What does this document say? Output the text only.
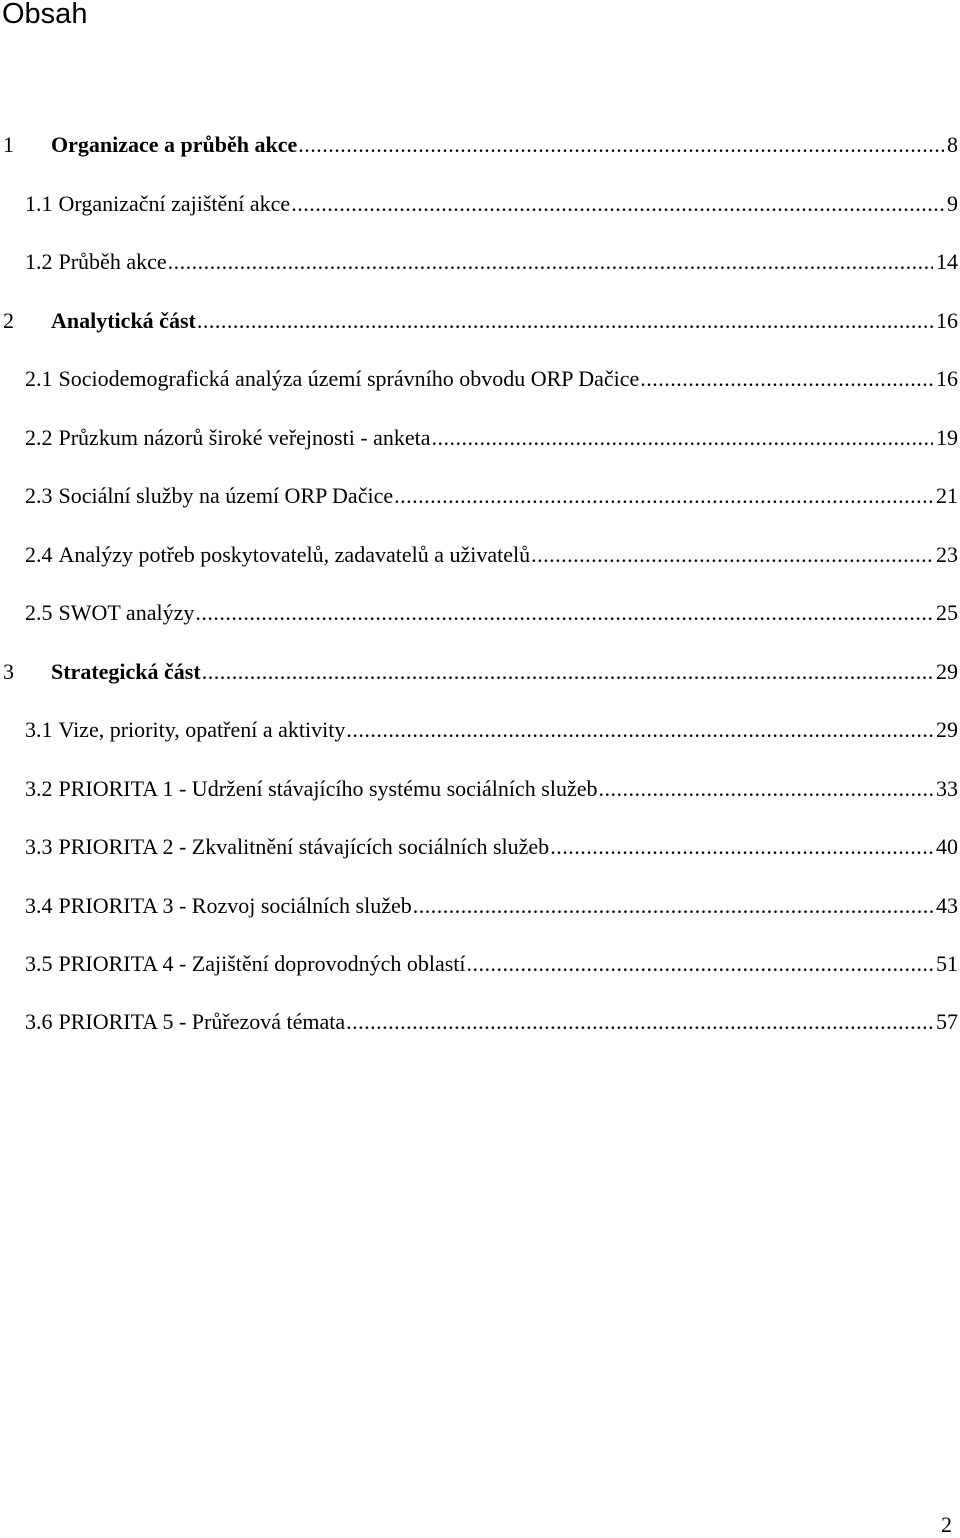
Obsah
1	Organizace a průběh akce .....	8
1.1 Organizační zajištění akce .....	9
1.2 Průběh akce .....	14
2	Analytická část .....	16
2.1 Sociodemografická analýza území správního obvodu ORP Dačice .....	16
2.2 Průzkum názorů široké veřejnosti - anketa .....	19
2.3 Sociální služby na území ORP Dačice .....	21
2.4 Analýzy potřeb poskytovatelů, zadavatelů a uživatelů .....	23
2.5 SWOT analýzy .....	25
3	Strategická část .....	29
3.1 Vize, priority, opatření a aktivity .....	29
3.2 PRIORITA 1 - Udržení stávajícího systému sociálních služeb .....	33
3.3 PRIORITA 2 - Zkvalitnění stávajících sociálních služeb .....	40
3.4 PRIORITA 3 - Rozvoj sociálních služeb .....	43
3.5 PRIORITA 4 - Zajištění doprovodných oblastí .....	51
3.6 PRIORITA 5 - Průřezová témata .....	57
2
